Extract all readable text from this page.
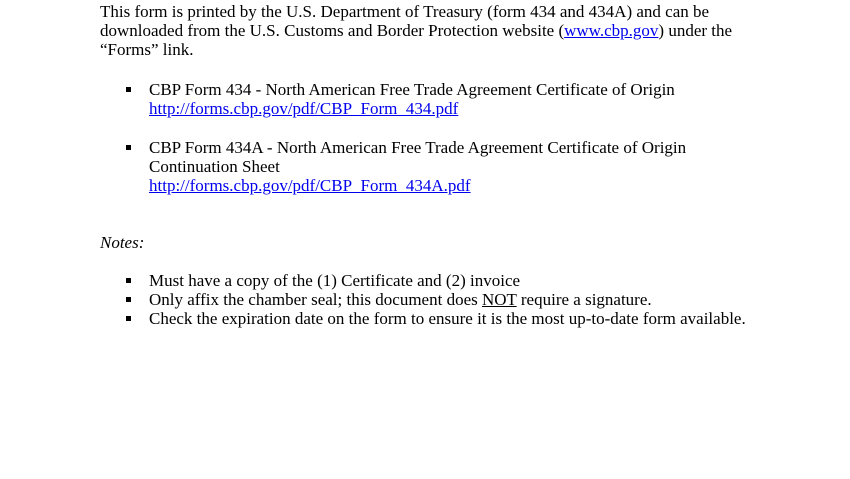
This form is printed by the U.S. Department of Treasury (form 434 and 434A) and can be
downloaded from the U.S. Customs and Border Protection website (www.cbp.gov) under the
“Forms” link.
CBP Form 434 - North American Free Trade Agreement Certificate of Origin
http://forms.cbp.gov/pdf/CBP_Form_434.pdf
CBP Form 434A - North American Free Trade Agreement Certificate of Origin
Continuation Sheet
http://forms.cbp.gov/pdf/CBP_Form_434A.pdf
Notes:
Must have a copy of the (1) Certificate and (2) invoice
Only affix the chamber seal; this document does NOT require a signature.
Check the expiration date on the form to ensure it is the most up-to-date form available.
